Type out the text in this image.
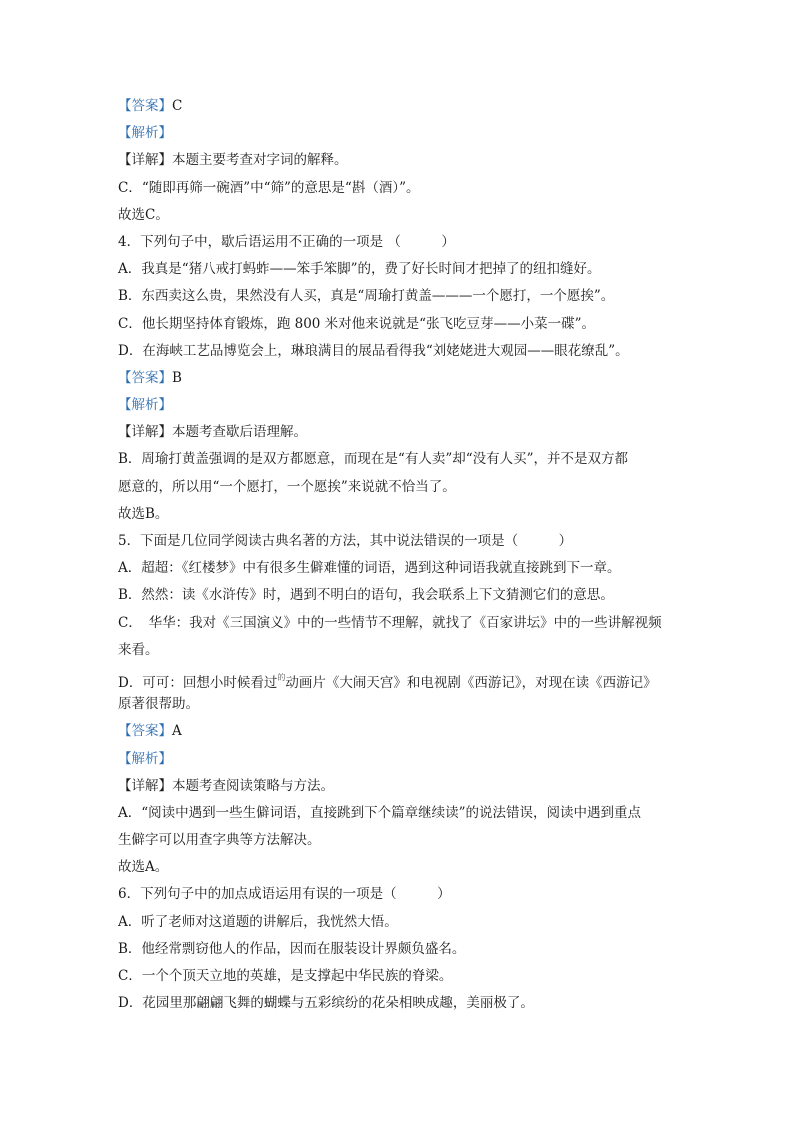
【答案】C
【解析】
【详解】本题主要考查对字词的解释。
C．“随即再筛一碗酒”中“筛”的意思是“斟（酒）”。
故选C。
4．下列句子中，歇后语运用不正确的一项是 （　　　）
A．我真是“猪八戒打蚂蚱——笨手笨脚”的，费了好长时间才把掉了的纽扣缝好。
B．东西卖这么贵，果然没有人买，真是“周瑜打黄盖———一个愿打，一个愿挨”。
C．他长期坚持体育锻炼，跑 800 米对他来说就是“张飞吃豆芽——小菜一碟”。
D．在海峡工艺品博览会上，琳琅满目的展品看得我“刘姥姥进大观园——眼花缭乱”。
【答案】B
【解析】
【详解】本题考查歇后语理解。
B．周瑜打黄盖强调的是双方都愿意，而现在是“有人卖”却“没有人买”，并不是双方都
愿意的，所以用“一个愿打，一个愿挨”来说就不恰当了。
故选B。
5．下面是几位同学阅读古典名著的方法，其中说法错误的一项是（　　　）
A．超超：《红楼梦》中有很多生僻难懂的词语，遇到这种词语我就直接跳到下一章。
B．然然：读《水浒传》时，遇到不明白的语句，我会联系上下文猜测它们的意思。
C．　华华：我对《三国演义》中的一些情节不理解，就找了《百家讲坛》中的一些讲解视频
来看。
D．可可：回想小时候看过$^的$动画片《大闹天宫》和电视剧《西游记》，对现在读《西游记》
原著很帮助。
【答案】A
【解析】
【详解】本题考查阅读策略与方法。
A．“阅读中遇到一些生僻词语，直接跳到下个篇章继续读”的说法错误，阅读中遇到重点
生僻字可以用查字典等方法解决。
故选A。
6．下列句子中的加点成语运用有误的一项是（　　　）
A．听了老师对这道题的讲解后，我恍然大悟。
B．他经常剽窃他人的作品，因而在服装设计界颇负盛名。
C．一个个顶天立地的英雄，是支撑起中华民族的脊梁。
D．花园里那翩翩飞舞的蝴蝶与五彩缤纷的花朵相映成趣，美丽极了。
